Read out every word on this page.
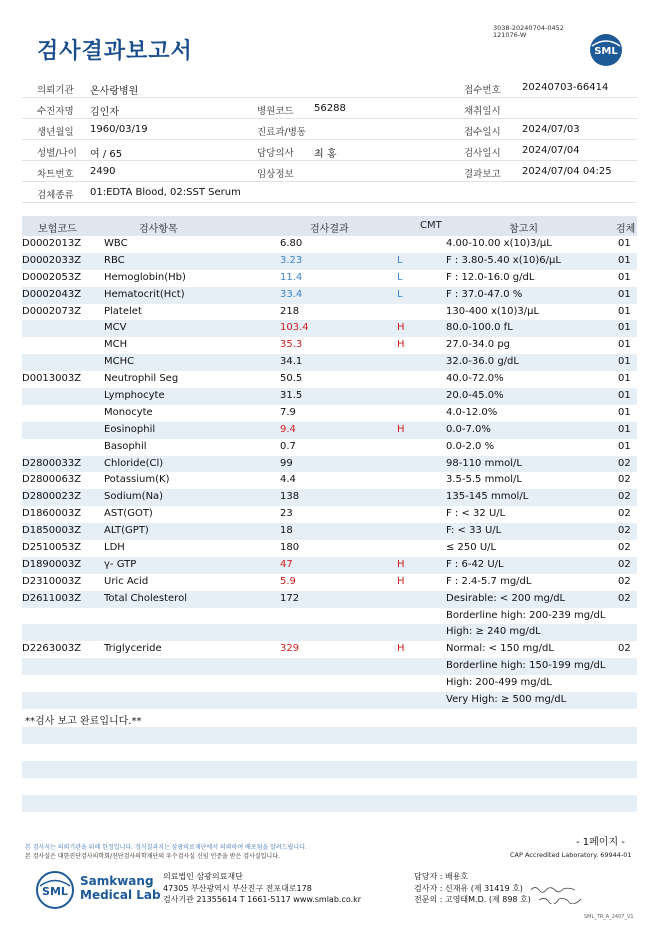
3038-20240704-0452
121076-W
검사결과보고서	SML
의뢰기관 온사랑병원	접수번호 20240703-66414
수진자명 김인자	병원코드 56288	채취일시
생년월일 1960/03/19	진료과/병동	접수일시 2024/07/03
성별/나이 여 / 65	담당의사 최 홍	검사일시 2024/07/04
차트번호 2490	임상정보	결과보고 2024/07/04 04:25
검체종류 01:EDTA Blood, 02:SST Serum
보험코드	검사항목	검사결과	CMT	참고치	검체
D0002013Z WBC	6.80	4.00-10.00 x(10)3/μL	01
D0002033Z RBC	3.23	L	F : 3.80-5.40 x(10)6/μL	01
D0002053Z Hemoglobin(Hb)	11.4	L	F : 12.0-16.0 g/dL	01
D0002043Z Hematocrit(Hct)	33.4	L	F : 37.0-47.0 %	01
D0002073Z Platelet	218	130-400 x(10)3/μL	01
MCV	103.4	H	80.0-100.0 fL	01
MCH	35.3	H	27.0-34.0 pg	01
MCHC	34.1	32.0-36.0 g/dL	01
D0013003Z Neutrophil Seg	50.5	40.0-72.0%	01
Lymphocyte	31.5	20.0-45.0%	01
Monocyte	7.9	4.0-12.0%	01
Eosinophil	9.4	H	0.0-7.0%	01
Basophil	0.7	0.0-2.0 %	01
D2800033Z Chloride(Cl)	99	98-110 mmol/L	02
D2800063Z Potassium(K)	4.4	3.5-5.5 mmol/L	02
D2800023Z Sodium(Na)	138	135-145 mmol/L	02
D1860003Z AST(GOT)	23	F : < 32 U/L	02
D1850003Z ALT(GPT)	18	F: < 33 U/L	02
D2510053Z LDH	180	≤ 250 U/L	02
D1890003Z γ- GTP	47	H	F : 6-42 U/L	02
D2310003Z Uric Acid	5.9	H	F : 2.4-5.7 mg/dL	02
D2611003Z Total Cholesterol	172	Desirable: < 200 mg/dL	02
Borderline high: 200-239 mg/dL
High: ≥ 240 mg/dL
D2263003Z Triglyceride	329	H	Normal: < 150 mg/dL	02
Borderline high: 150-199 mg/dL
High: 200-499 mg/dL
Very High: ≥ 500 mg/dL
**검사 보고 완료입니다.**
본 검사지는 의뢰기관을 위해 한정입니다. 정식결과지는 삼광의료재단에서 의뢰하여 배포됨을 알려드립니다.
본 검사실은 대한진단검사의학회/진단검사의학재단의 우수검사실 신임 인증을 받은 검사실입니다.
- 1페이지 -
CAP Accredited Laboratory. 69944-01
SML
Samkwang
Medical Lab
의료법인 삼광의료재단
47305 부산광역시 부산진구 전포대로178
검사기관 21355614 T 1661-5117 www.smlab.co.kr
담당자 : 배용호
검사자 : 신재유 (제 31419 호)
전문의 : 고영태M.D. (제 898 호)
SML_TR_A_2407_V1
